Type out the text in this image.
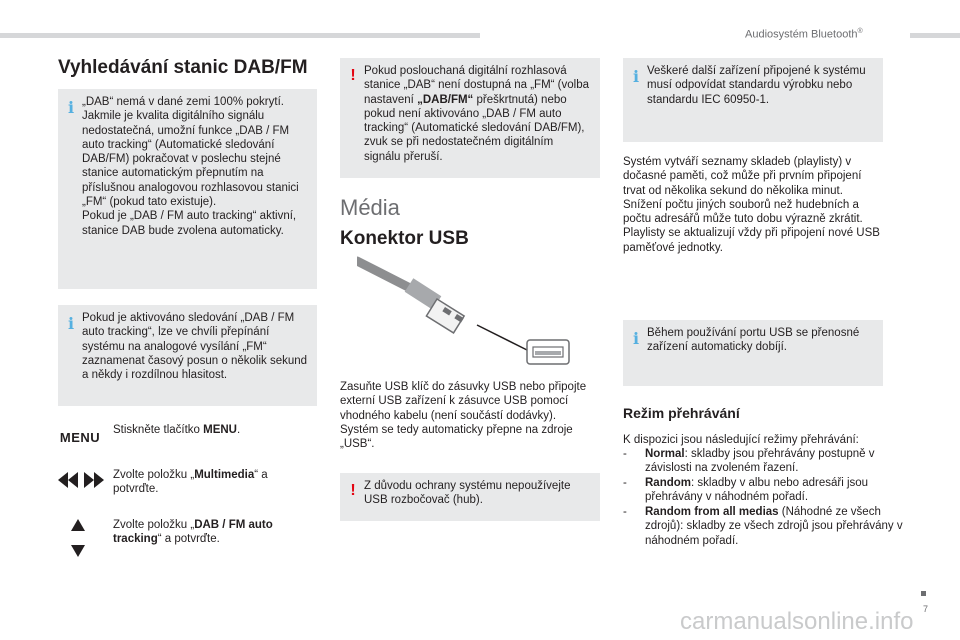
Audiosystém Bluetooth®
Vyhledávání stanic DAB/FM
i „DAB“ nemá v dané zemi 100% pokrytí. Jakmile je kvalita digitálního signálu nedostatečná, umožní funkce „DAB / FM auto tracking“ (Automatické sledování DAB/FM) pokračovat v poslechu stejné stanice automatickým přepnutím na příslušnou analogovou rozhlasovou stanici „FM“ (pokud tato existuje).
Pokud je „DAB / FM auto tracking“ aktivní, stanice DAB bude zvolena automaticky.
i Pokud je aktivováno sledování „DAB / FM auto tracking“, lze ve chvíli přepínání systému na analogové vysílání „FM“ zaznamenat časový posun o několik sekund a někdy i rozdílnou hlasitost.
MENU Stiskněte tlačítko MENU.
Zvolte položku „Multimedia“ a potvrďte.
Zvolte položku „DAB / FM auto tracking“ a potvrďte.
! Pokud poslouchaná digitální rozhlasová stanice „DAB“ není dostupná na „FM“ (volba nastavení „DAB/FM“ přeškrtnutá) nebo pokud není aktivováno „DAB / FM auto tracking“ (Automatické sledování DAB/FM), zvuk se při nedostatečném digitálním signálu přeruší.
Média
Konektor USB
Zasuňte USB klíč do zásuvky USB nebo připojte externí USB zařízení k zásuvce USB pomocí vhodného kabelu (není součástí dodávky).
Systém se tedy automaticky přepne na zdroje „USB“.
! Z důvodu ochrany systému nepoužívejte USB rozbočovač (hub).
i Veškeré další zařízení připojené k systému musí odpovídat standardu výrobku nebo standardu IEC 60950-1.
Systém vytváří seznamy skladeb (playlisty) v dočasné paměti, což může při prvním připojení trvat od několika sekund do několika minut.
Snížení počtu jiných souborů než hudebních a počtu adresářů může tuto dobu výrazně zkrátit.
Playlisty se aktualizují vždy při připojení nové USB paměťové jednotky.
i Během používání portu USB se přenosné zařízení automaticky dobíjí.
Režim přehrávání
K dispozici jsou následující režimy přehrávání:
- Normal: skladby jsou přehrávány postupně v závislosti na zvoleném řazení.
- Random: skladby v albu nebo adresáři jsou přehrávány v náhodném pořadí.
- Random from all medias (Náhodné ze všech zdrojů): skladby ze všech zdrojů jsou přehrávány v náhodném pořadí.
7
carmanualsonline.info
